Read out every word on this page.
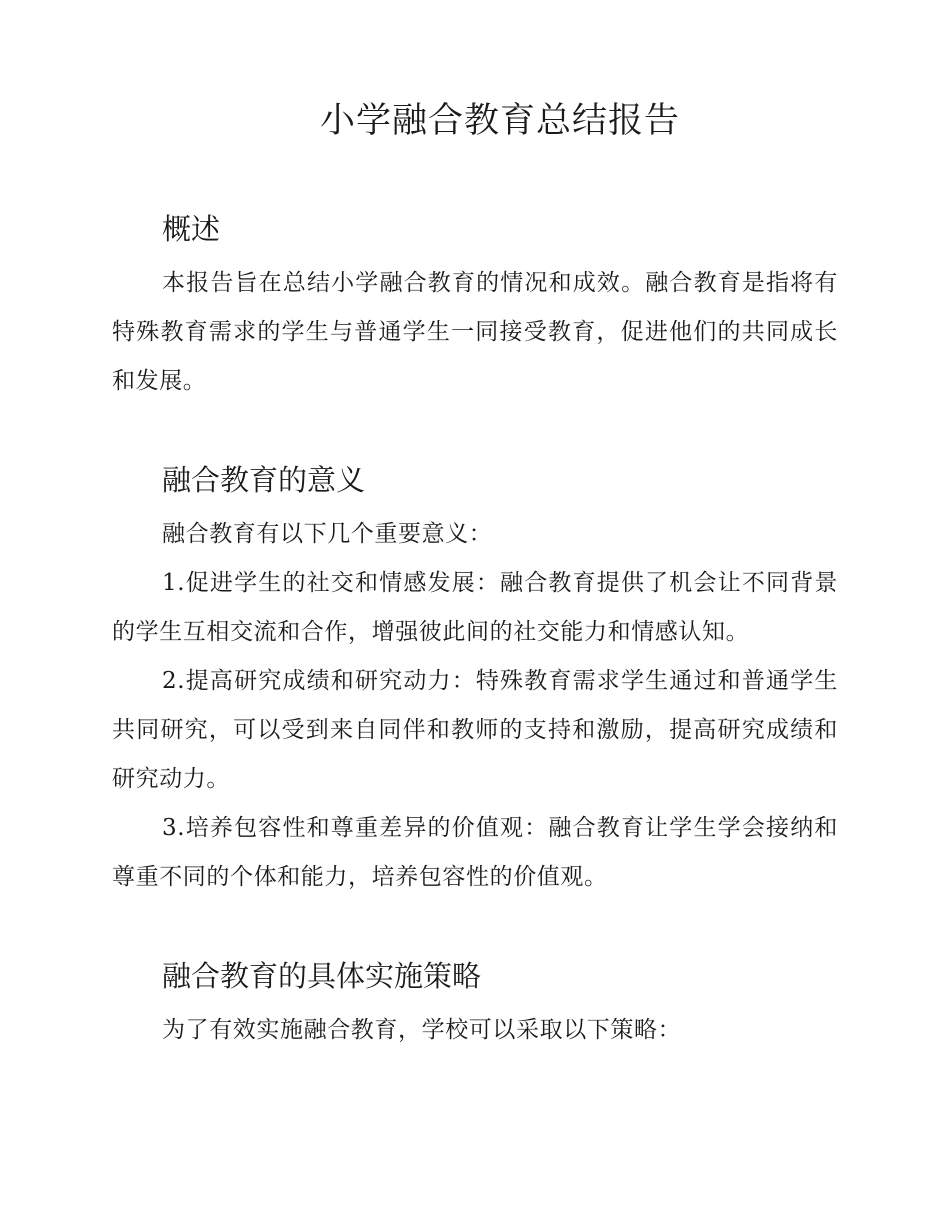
小学融合教育总结报告
概述

本报告旨在总结小学融合教育的情况和成效。融合教育是指将有特殊教育需求的学生与普通学生一同接受教育，促进他们的共同成长和发展。

融合教育的意义

融合教育有以下几个重要意义：

1.促进学生的社交和情感发展：融合教育提供了机会让不同背景的学生互相交流和合作，增强彼此间的社交能力和情感认知。

2.提高研究成绩和研究动力：特殊教育需求学生通过和普通学生共同研究，可以受到来自同伴和教师的支持和激励，提高研究成绩和研究动力。

3.培养包容性和尊重差异的价值观：融合教育让学生学会接纳和尊重不同的个体和能力，培养包容性的价值观。

融合教育的具体实施策略

为了有效实施融合教育，学校可以采取以下策略：
